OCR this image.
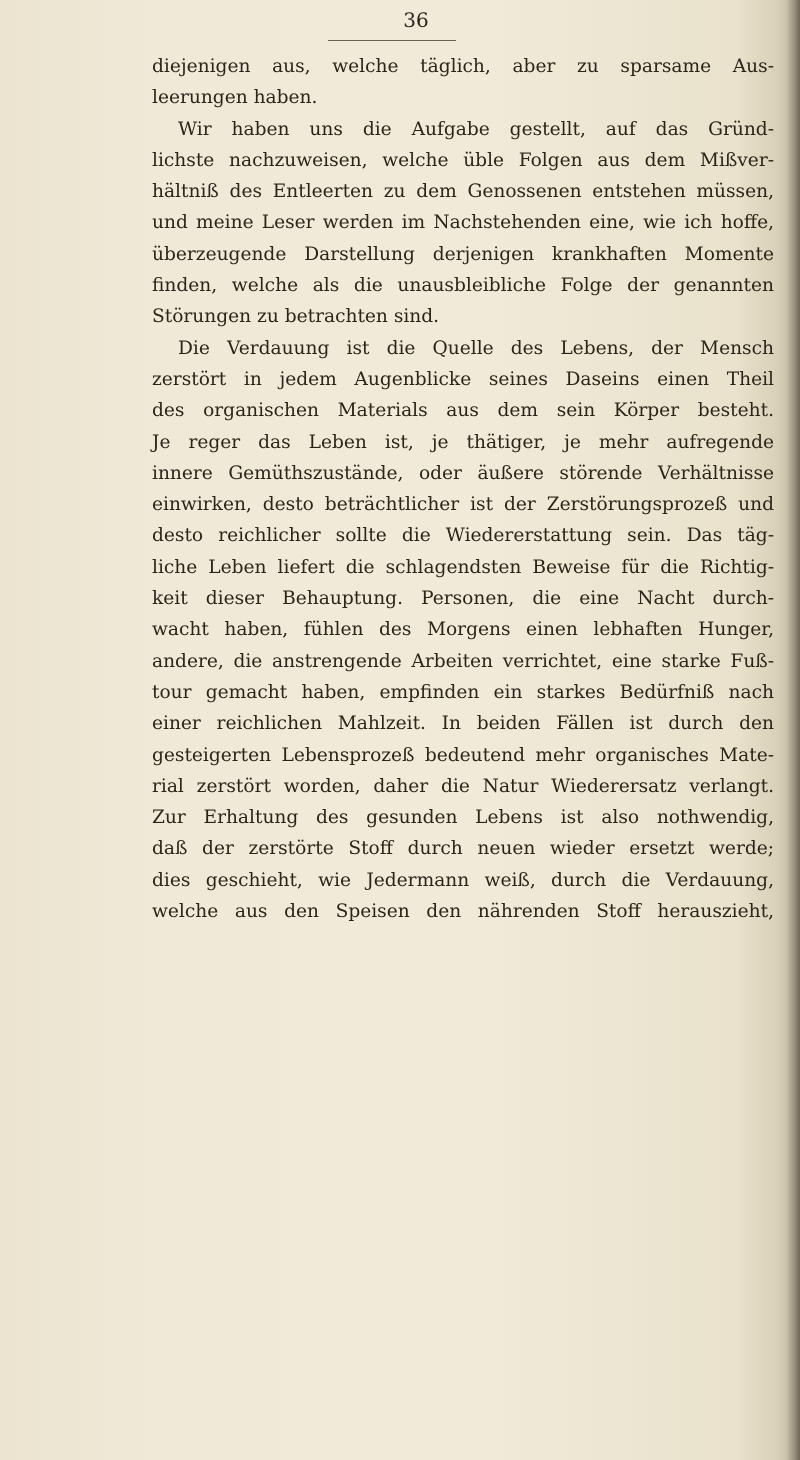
36
diejenigen aus, welche täglich, aber zu sparsame Aus-
leerungen haben.
Wir haben uns die Aufgabe gestellt, auf das Gründ-
lichste nachzuweisen, welche üble Folgen aus dem Mißver-
hältniß des Entleerten zu dem Genossenen entstehen müssen,
und meine Leser werden im Nachstehenden eine, wie ich hoffe,
überzeugende Darstellung derjenigen krankhaften Momente
finden, welche als die unausbleibliche Folge der genannten
Störungen zu betrachten sind.
Die Verdauung ist die Quelle des Lebens, der Mensch
zerstört in jedem Augenblicke seines Daseins einen Theil
des organischen Materials aus dem sein Körper besteht.
Je reger das Leben ist, je thätiger, je mehr aufregende
innere Gemüthszustände, oder äußere störende Verhältnisse
einwirken, desto beträchtlicher ist der Zerstörungsprozeß und
desto reichlicher sollte die Wiedererstattung sein. Das täg-
liche Leben liefert die schlagendsten Beweise für die Richtig-
keit dieser Behauptung. Personen, die eine Nacht durch-
wacht haben, fühlen des Morgens einen lebhaften Hunger,
andere, die anstrengende Arbeiten verrichtet, eine starke Fuß-
tour gemacht haben, empfinden ein starkes Bedürfniß nach
einer reichlichen Mahlzeit. In beiden Fällen ist durch den
gesteigerten Lebensprozeß bedeutend mehr organisches Mate-
rial zerstört worden, daher die Natur Wiederersatz verlangt.
Zur Erhaltung des gesunden Lebens ist also nothwendig,
daß der zerstörte Stoff durch neuen wieder ersetzt werde;
dies geschieht, wie Jedermann weiß, durch die Verdauung,
welche aus den Speisen den nährenden Stoff herauszieht,
